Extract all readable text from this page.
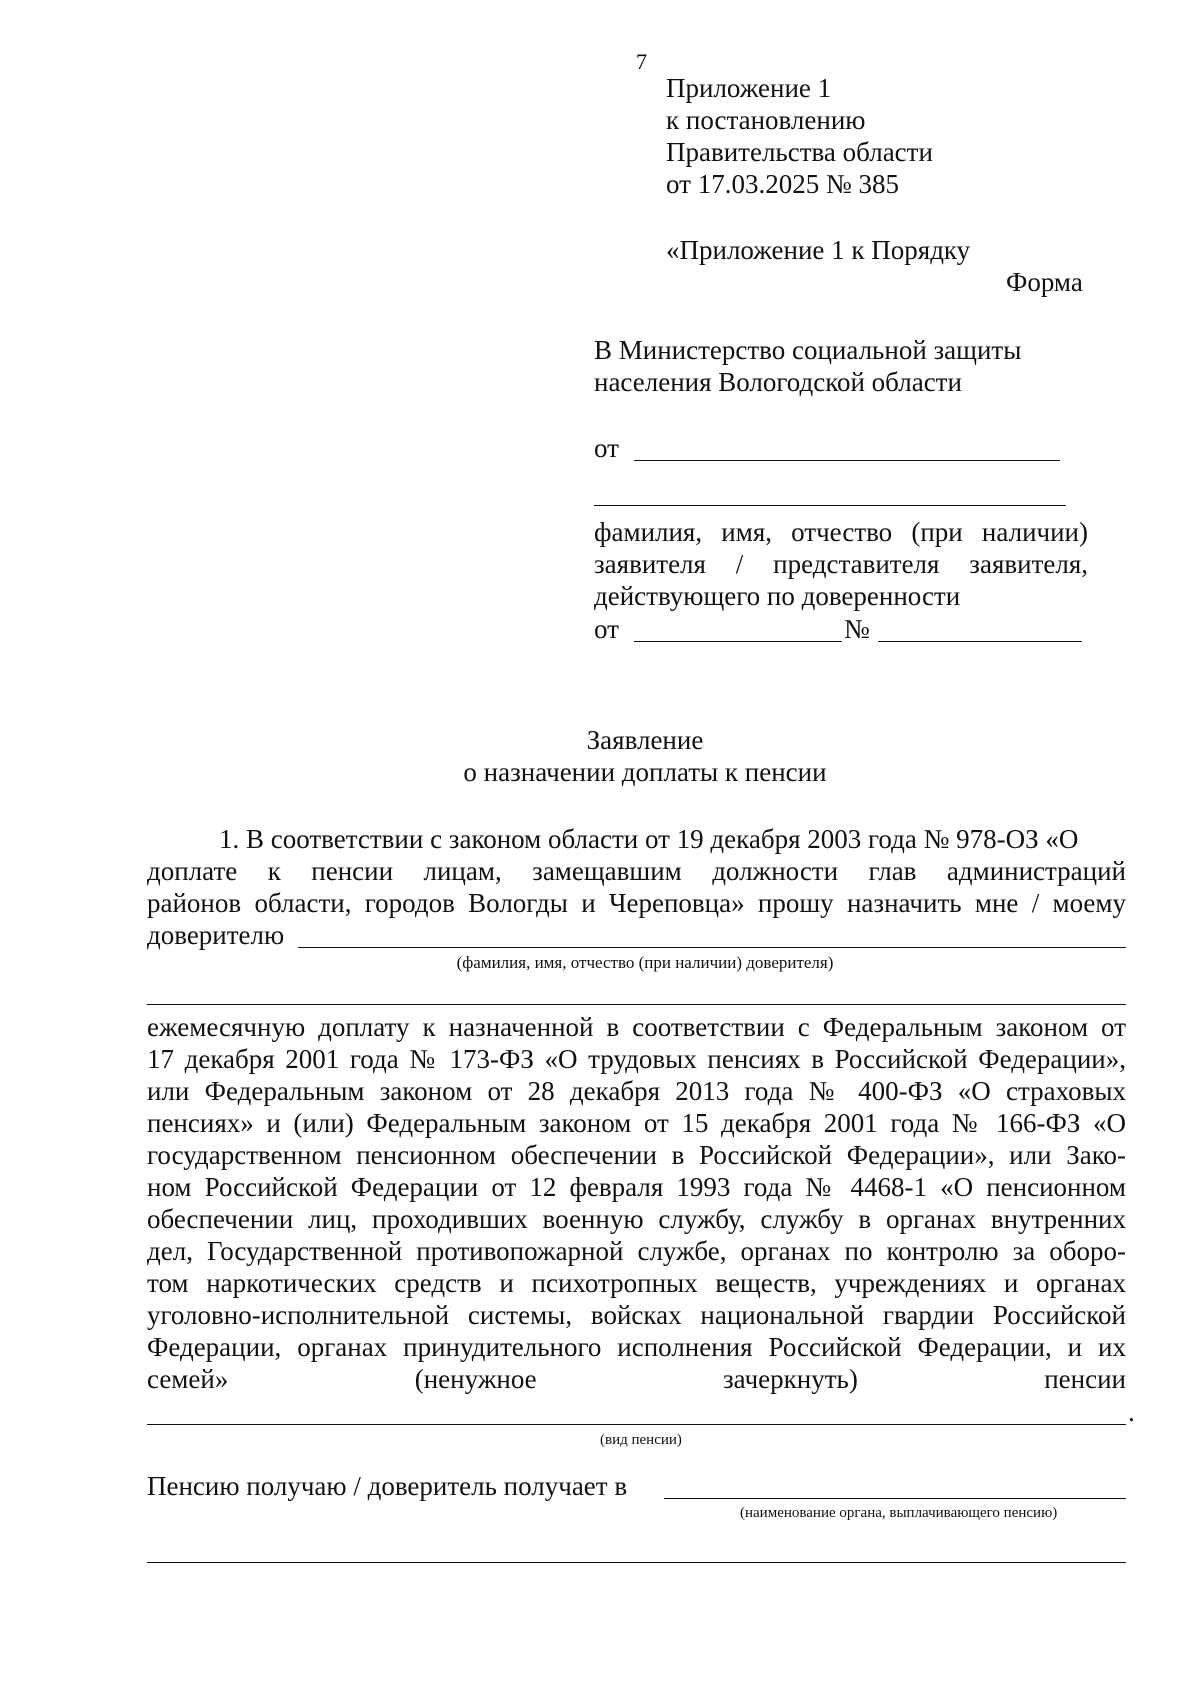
7
Приложение 1
к постановлению
Правительства области
от 17.03.2025 № 385
«Приложение 1 к Порядку
Форма
В Министерство социальной защиты
населения Вологодской области
от
фамилия, имя, отчество (при наличии)
заявителя / представителя заявителя,
действующего по доверенности
от	№
Заявление
о назначении доплаты к пенсии
1. В соответствии с законом области от 19 декабря 2003 года № 978-ОЗ «О
доплате к пенсии лицам, замещавшим должности глав администраций
районов области, городов Вологды и Череповца» прошу назначить мне / моему
доверителю
(фамилия, имя, отчество (при наличии) доверителя)
ежемесячную доплату к назначенной в соответствии с Федеральным законом от
17 декабря 2001 года № 173-ФЗ «О трудовых пенсиях в Российской Федерации»,
или Федеральным законом от 28 декабря 2013 года № 400-ФЗ «О страховых
пенсиях» и (или) Федеральным законом от 15 декабря 2001 года № 166-ФЗ «О
государственном пенсионном обеспечении в Российской Федерации», или Зако-
ном Российской Федерации от 12 февраля 1993 года № 4468-1 «О пенсионном
обеспечении лиц, проходивших военную службу, службу в органах внутренних
дел, Государственной противопожарной службе, органах по контролю за оборо-
том наркотических средств и психотропных веществ, учреждениях и органах
уголовно-исполнительной системы, войсках национальной гвардии Российской
Федерации, органах принудительного исполнения Российской Федерации, и их
семей»	(ненужное	зачеркнуть)	пенсии
.
(вид пенсии)
Пенсию получаю / доверитель получает в
(наименование органа, выплачивающего пенсию)
